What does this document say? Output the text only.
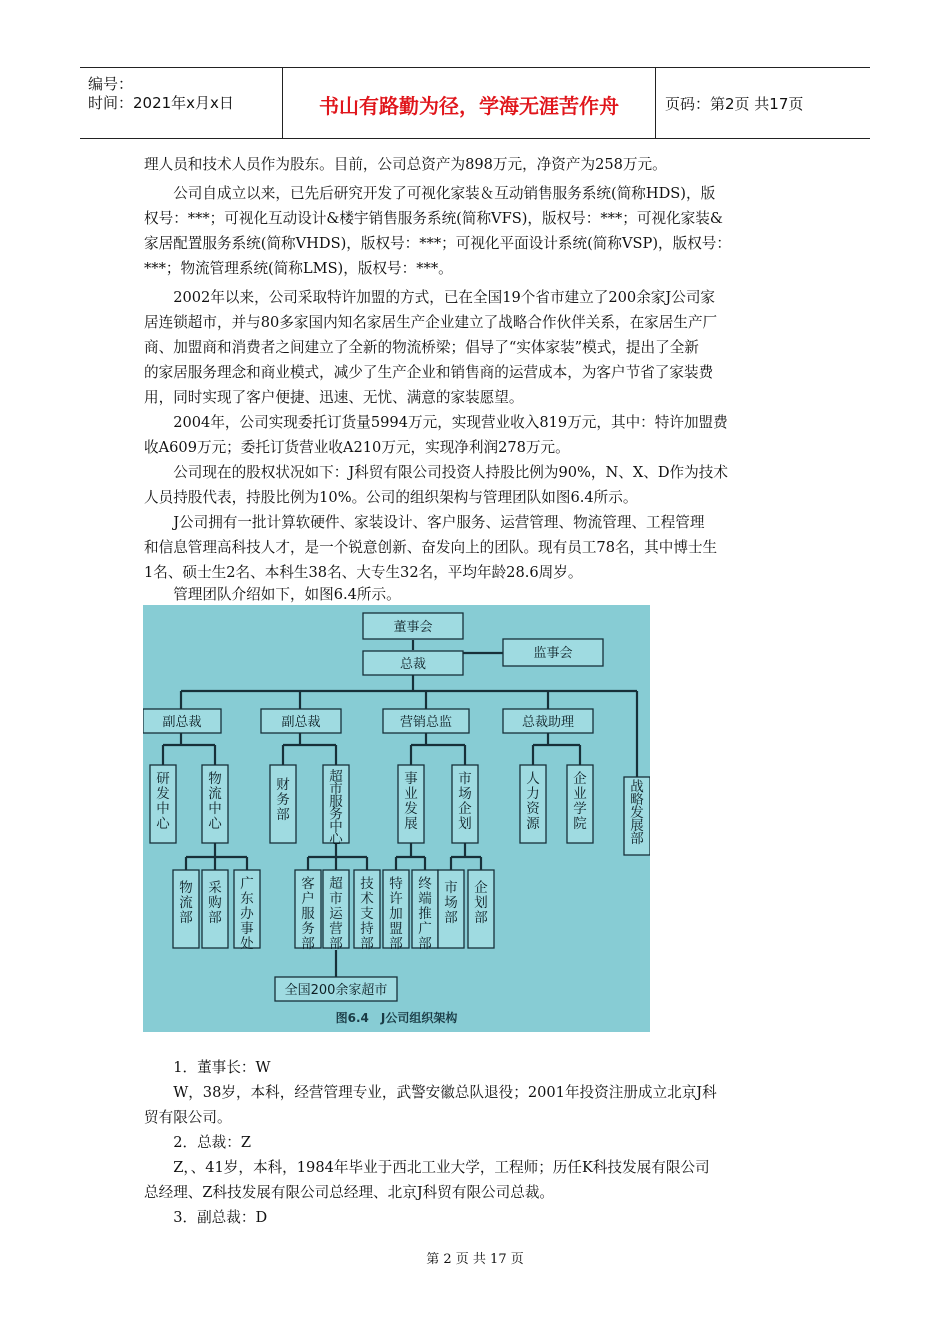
编号：
时间：2021年x月x日	书山有路勤为径，学海无涯苦作舟	页码：第2页 共17页
理人员和技术人员作为股东。目前，公司总资产为898万元，净资产为258万元。
　　公司自成立以来，已先后研究开发了可视化家装＆互动销售服务系统(简称HDS)，版
权号：***；可视化互动设计&楼宇销售服务系统(简称VFS)，版权号：***；可视化家装&
家居配置服务系统(简称VHDS)，版权号：***；可视化平面设计系统(简称VSP)，版权号：
***；物流管理系统(简称LMS)，版权号：***。
　　2002年以来，公司采取特许加盟的方式，已在全国19个省市建立了200余家J公司家
居连锁超市，并与80多家国内知名家居生产企业建立了战略合作伙伴关系，在家居生产厂
商、加盟商和消费者之间建立了全新的物流桥梁；倡导了“实体家装”模式，提出了全新
的家居服务理念和商业模式，减少了生产企业和销售商的运营成本，为客户节省了家装费
用，同时实现了客户便捷、迅速、无忧、满意的家装愿望。
　　2004年，公司实现委托订货量5994万元，实现营业收入819万元，其中：特许加盟费
收A609万元；委托订货营业收A210万元，实现净利润278万元。
　　公司现在的股权状况如下：J科贸有限公司投资人持股比例为90%，N、X、D作为技术
人员持股代表，持股比例为10%。公司的组织架构与管理团队如图6.4所示。
　　J公司拥有一批计算软硬件、家装设计、客户服务、运营管理、物流管理、工程管理
和信息管理高科技人才，是一个锐意创新、奋发向上的团队。现有员工78名，其中博士生
1名、硕士生2名、本科生38名、大专生32名，平均年龄28.6周岁。
　　管理团队介绍如下，如图6.4所示。
董事会
监事会
总裁
副总裁	副总裁	营销总监	总裁助理
研发中心
物流中心
财务部
超市服务中心
事业发展
市场企划
人力资源
企业学院
战略发展部
物流部
采购部
广东办事处
客户服务部
超市运营部
技术支持部
特许加盟部
终端推广部
市场部
企划部
全国200余家超市
图6.4　J公司组织架构
　　1．董事长：W
　　W，38岁，本科，经营管理专业，武警安徽总队退役；2001年投资注册成立北京J科
贸有限公司。
　　2．总裁：Z
　　Z，、41岁，本科，1984年毕业于西北工业大学，工程师；历任K科技发展有限公司
总经理、Z科技发展有限公司总经理、北京J科贸有限公司总裁。
　　3．副总裁：D
第 2 页 共 17 页
